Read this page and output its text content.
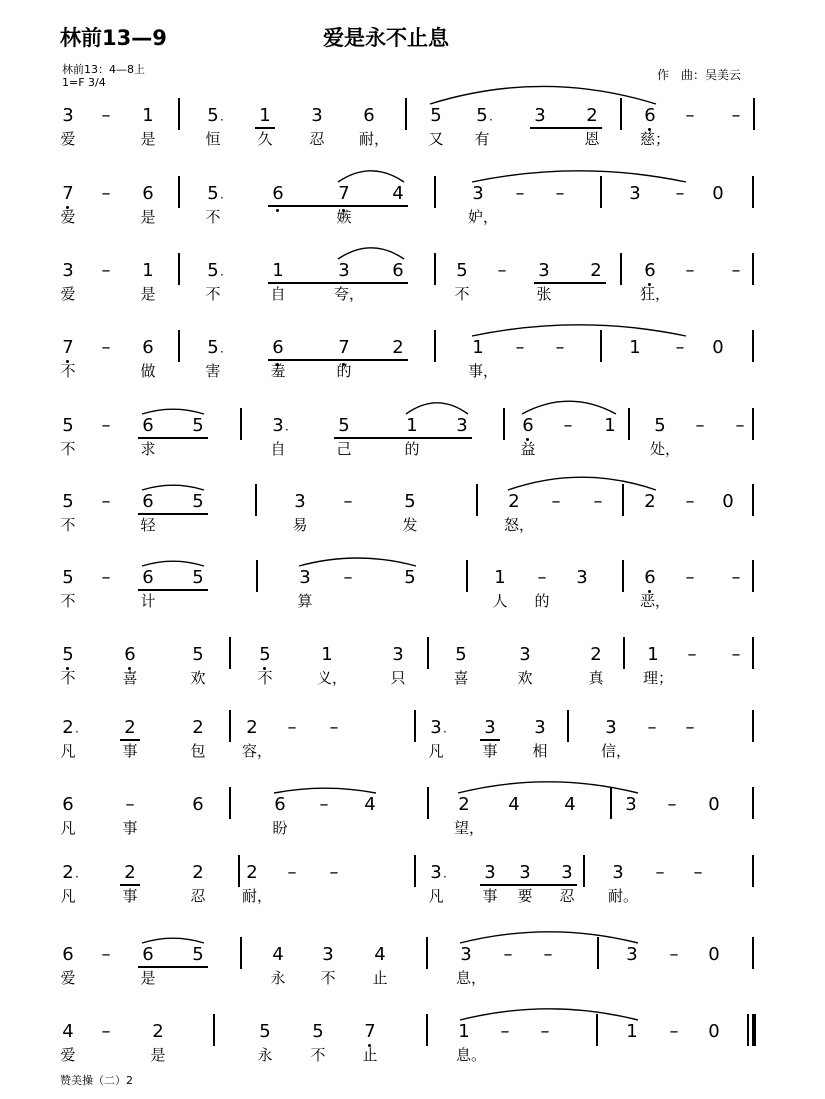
林前13—9	爱是永不止息
林前13：4—8上
1=F 3/4
作　曲：吴美云
3	–	1	5 · 1 3 6	5 5 · 3 2	6	–	–
爱	是	恒 久 忍 耐，	又 有	恩	慈；
7	–	6	5 ·	6	7 4	3	–	–	3	–	0
爱	是	不	嫉	妒，
3	–	1	5 ·	1	3 6	5	–	3 2 6	–	–
爱	是	不	自	夸，	不	张	狂，
7	–	6	5 ·	6	7 2	1	–	–	1	–	0
不	做	害	羞	的	事，
5	–	6 5	3 ·	5	1 3	6	–	1 5	–	–
不	求	自	己	的	益	处，
5	–	6 5	3	–	5	2	–	–	2	–	0
不	轻	易	发	怒，
5	–	6 5	3	–	5	1	–	3	6	–	–
不	计	算	人 的	恶，
5	6	5	5	1	3	5	3	2	1	–	–
不	喜	欢	不	义，	只	喜	欢	真	理；
2 ·	2	2 2	–	–	3 · 3 3	3	–	–
凡	事	包 容，	凡	事 相	信，
6	–	6	6	–	4	2 4 4	3	–	0
凡	事	盼	望，
2 ·	2	2 2	–	–	3 · 3 3 3 3	–	–
凡	事	忍 耐，	凡	事 要 忍 耐。
6	–	6 5	4 3 4	3	–	–	3	–	0
爱	是	永 不 止	息，
4	–	2	5 5 7	1	–	–	1	–	0
爱	是	永	不 止	息。
赞美操（二）2
